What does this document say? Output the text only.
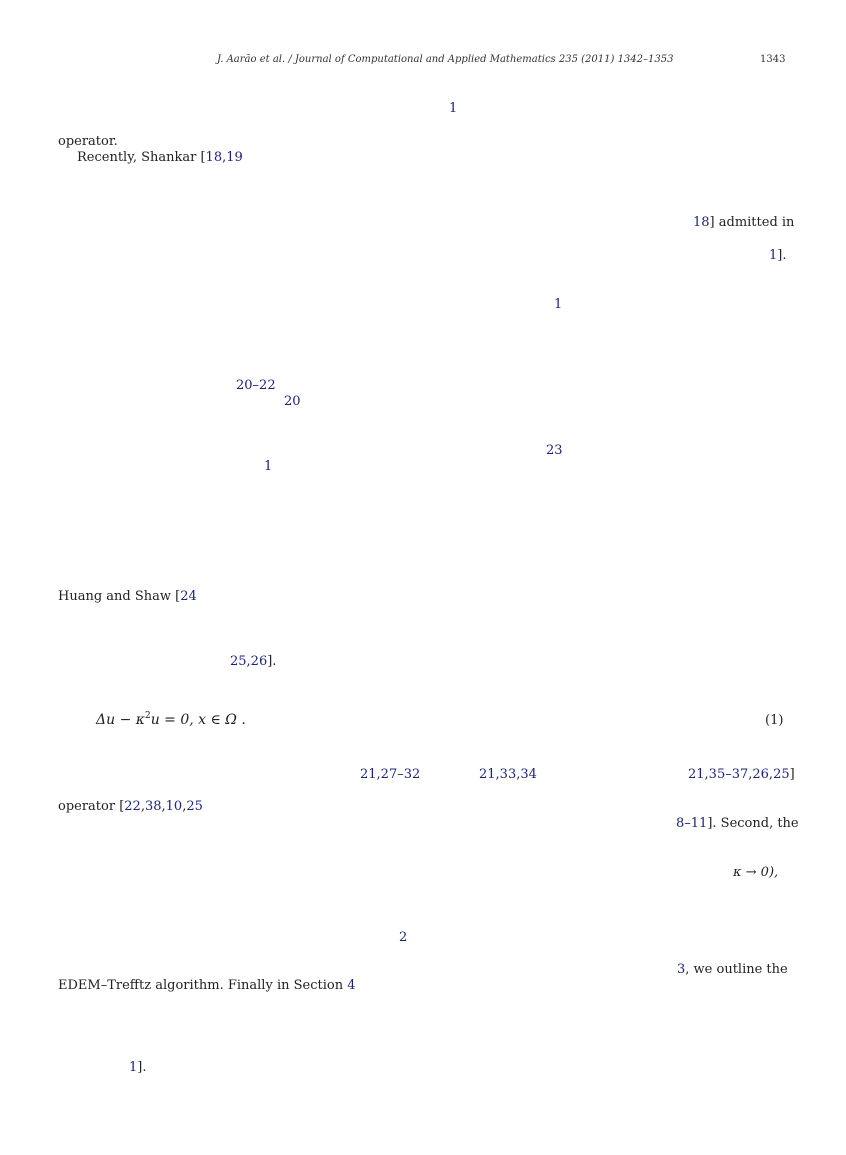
J. Aarão et al. / Journal of Computational and Applied Mathematics 235 (2011) 1342–1353	1343
1
operator.
Recently, Shankar [18,19
18] admitted in
1].
1
20–22
20
23
1
Huang and Shaw [24
25,26].
$\Delta u - \kappa^2u = 0$, x ∈ Ω .	(1)
21,27–32	21,33,34	21,35–37,26,25]
operator [22,38,10,25
8–11]. Second, the
κ → 0),
2
3, we outline the
EDEM–Trefftz algorithm. Finally in Section 4
1].
